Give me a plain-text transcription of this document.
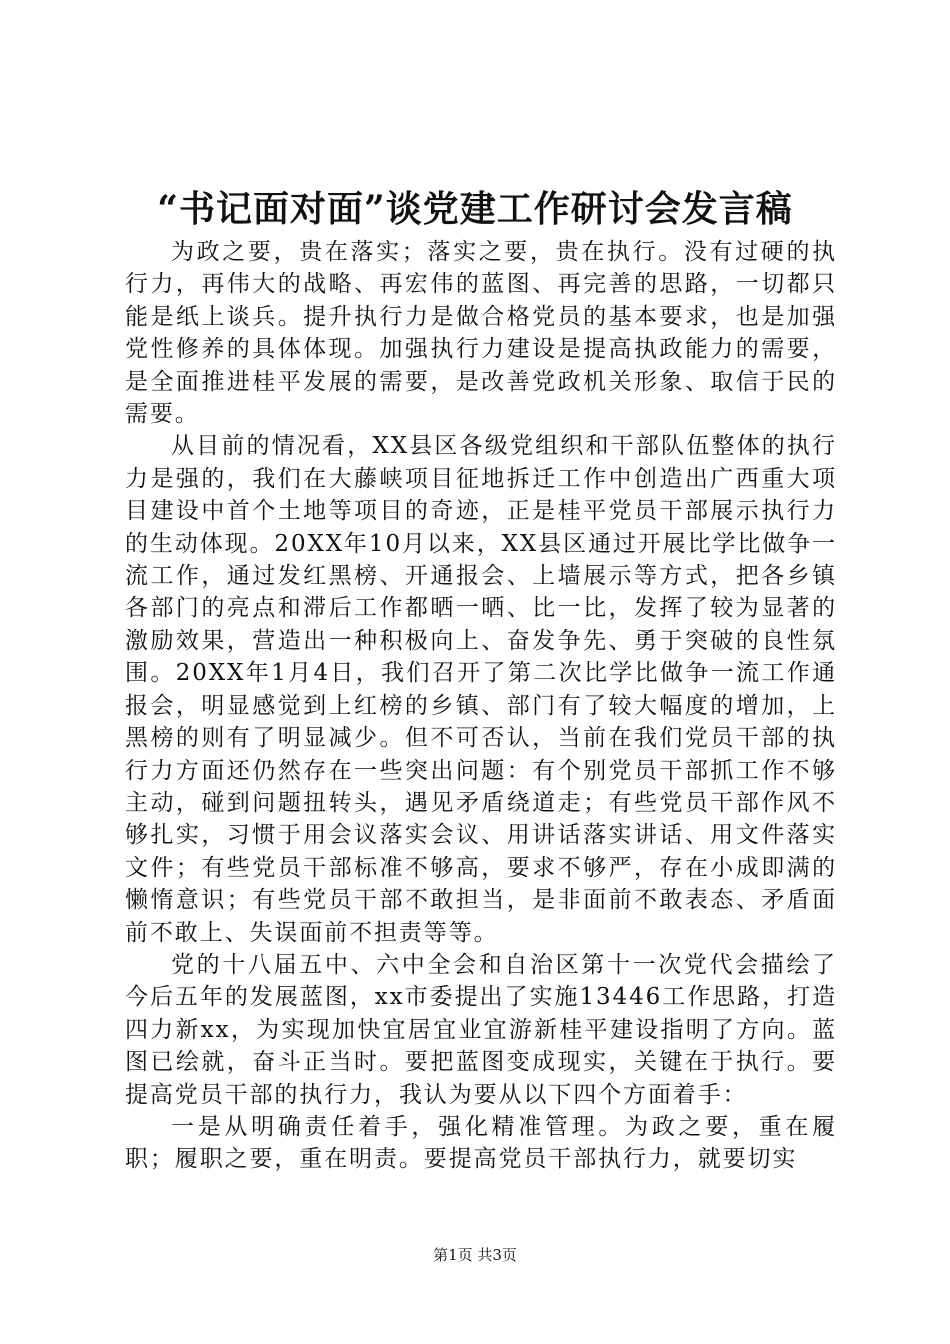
“书记面对面”谈党建工作研讨会发言稿

为政之要，贵在落实；落实之要，贵在执行。没有过硬的执行力，再伟大的战略、再宏伟的蓝图、再完善的思路，一切都只能是纸上谈兵。提升执行力是做合格党员的基本要求，也是加强党性修养的具体体现。加强执行力建设是提高执政能力的需要，是全面推进桂平发展的需要，是改善党政机关形象、取信于民的需要。

从目前的情况看，XX县区各级党组织和干部队伍整体的执行力是强的，我们在大藤峡项目征地拆迁工作中创造出广西重大项目建设中首个土地等项目的奇迹，正是桂平党员干部展示执行力的生动体现。20XX年10月以来，XX县区通过开展比学比做争一流工作，通过发红黑榜、开通报会、上墙展示等方式，把各乡镇各部门的亮点和滞后工作都晒一晒、比一比，发挥了较为显著的激励效果，营造出一种积极向上、奋发争先、勇于突破的良性氛围。20XX年1月4日，我们召开了第二次比学比做争一流工作通报会，明显感觉到上红榜的乡镇、部门有了较大幅度的增加，上黑榜的则有了明显减少。但不可否认，当前在我们党员干部的执行力方面还仍然存在一些突出问题：有个别党员干部抓工作不够主动，碰到问题扭转头，遇见矛盾绕道走；有些党员干部作风不够扎实，习惯于用会议落实会议、用讲话落实讲话、用文件落实文件；有些党员干部标准不够高，要求不够严，存在小成即满的懒惰意识；有些党员干部不敢担当，是非面前不敢表态、矛盾面前不敢上、失误面前不担责等等。

党的十八届五中、六中全会和自治区第十一次党代会描绘了今后五年的发展蓝图，xx市委提出了实施13446工作思路，打造四力新xx，为实现加快宜居宜业宜游新桂平建设指明了方向。蓝图已绘就，奋斗正当时。要把蓝图变成现实，关键在于执行。要提高党员干部的执行力，我认为要从以下四个方面着手：

一是从明确责任着手，强化精准管理。为政之要，重在履职；履职之要，重在明责。要提高党员干部执行力，就要切实

第1页 共3页
